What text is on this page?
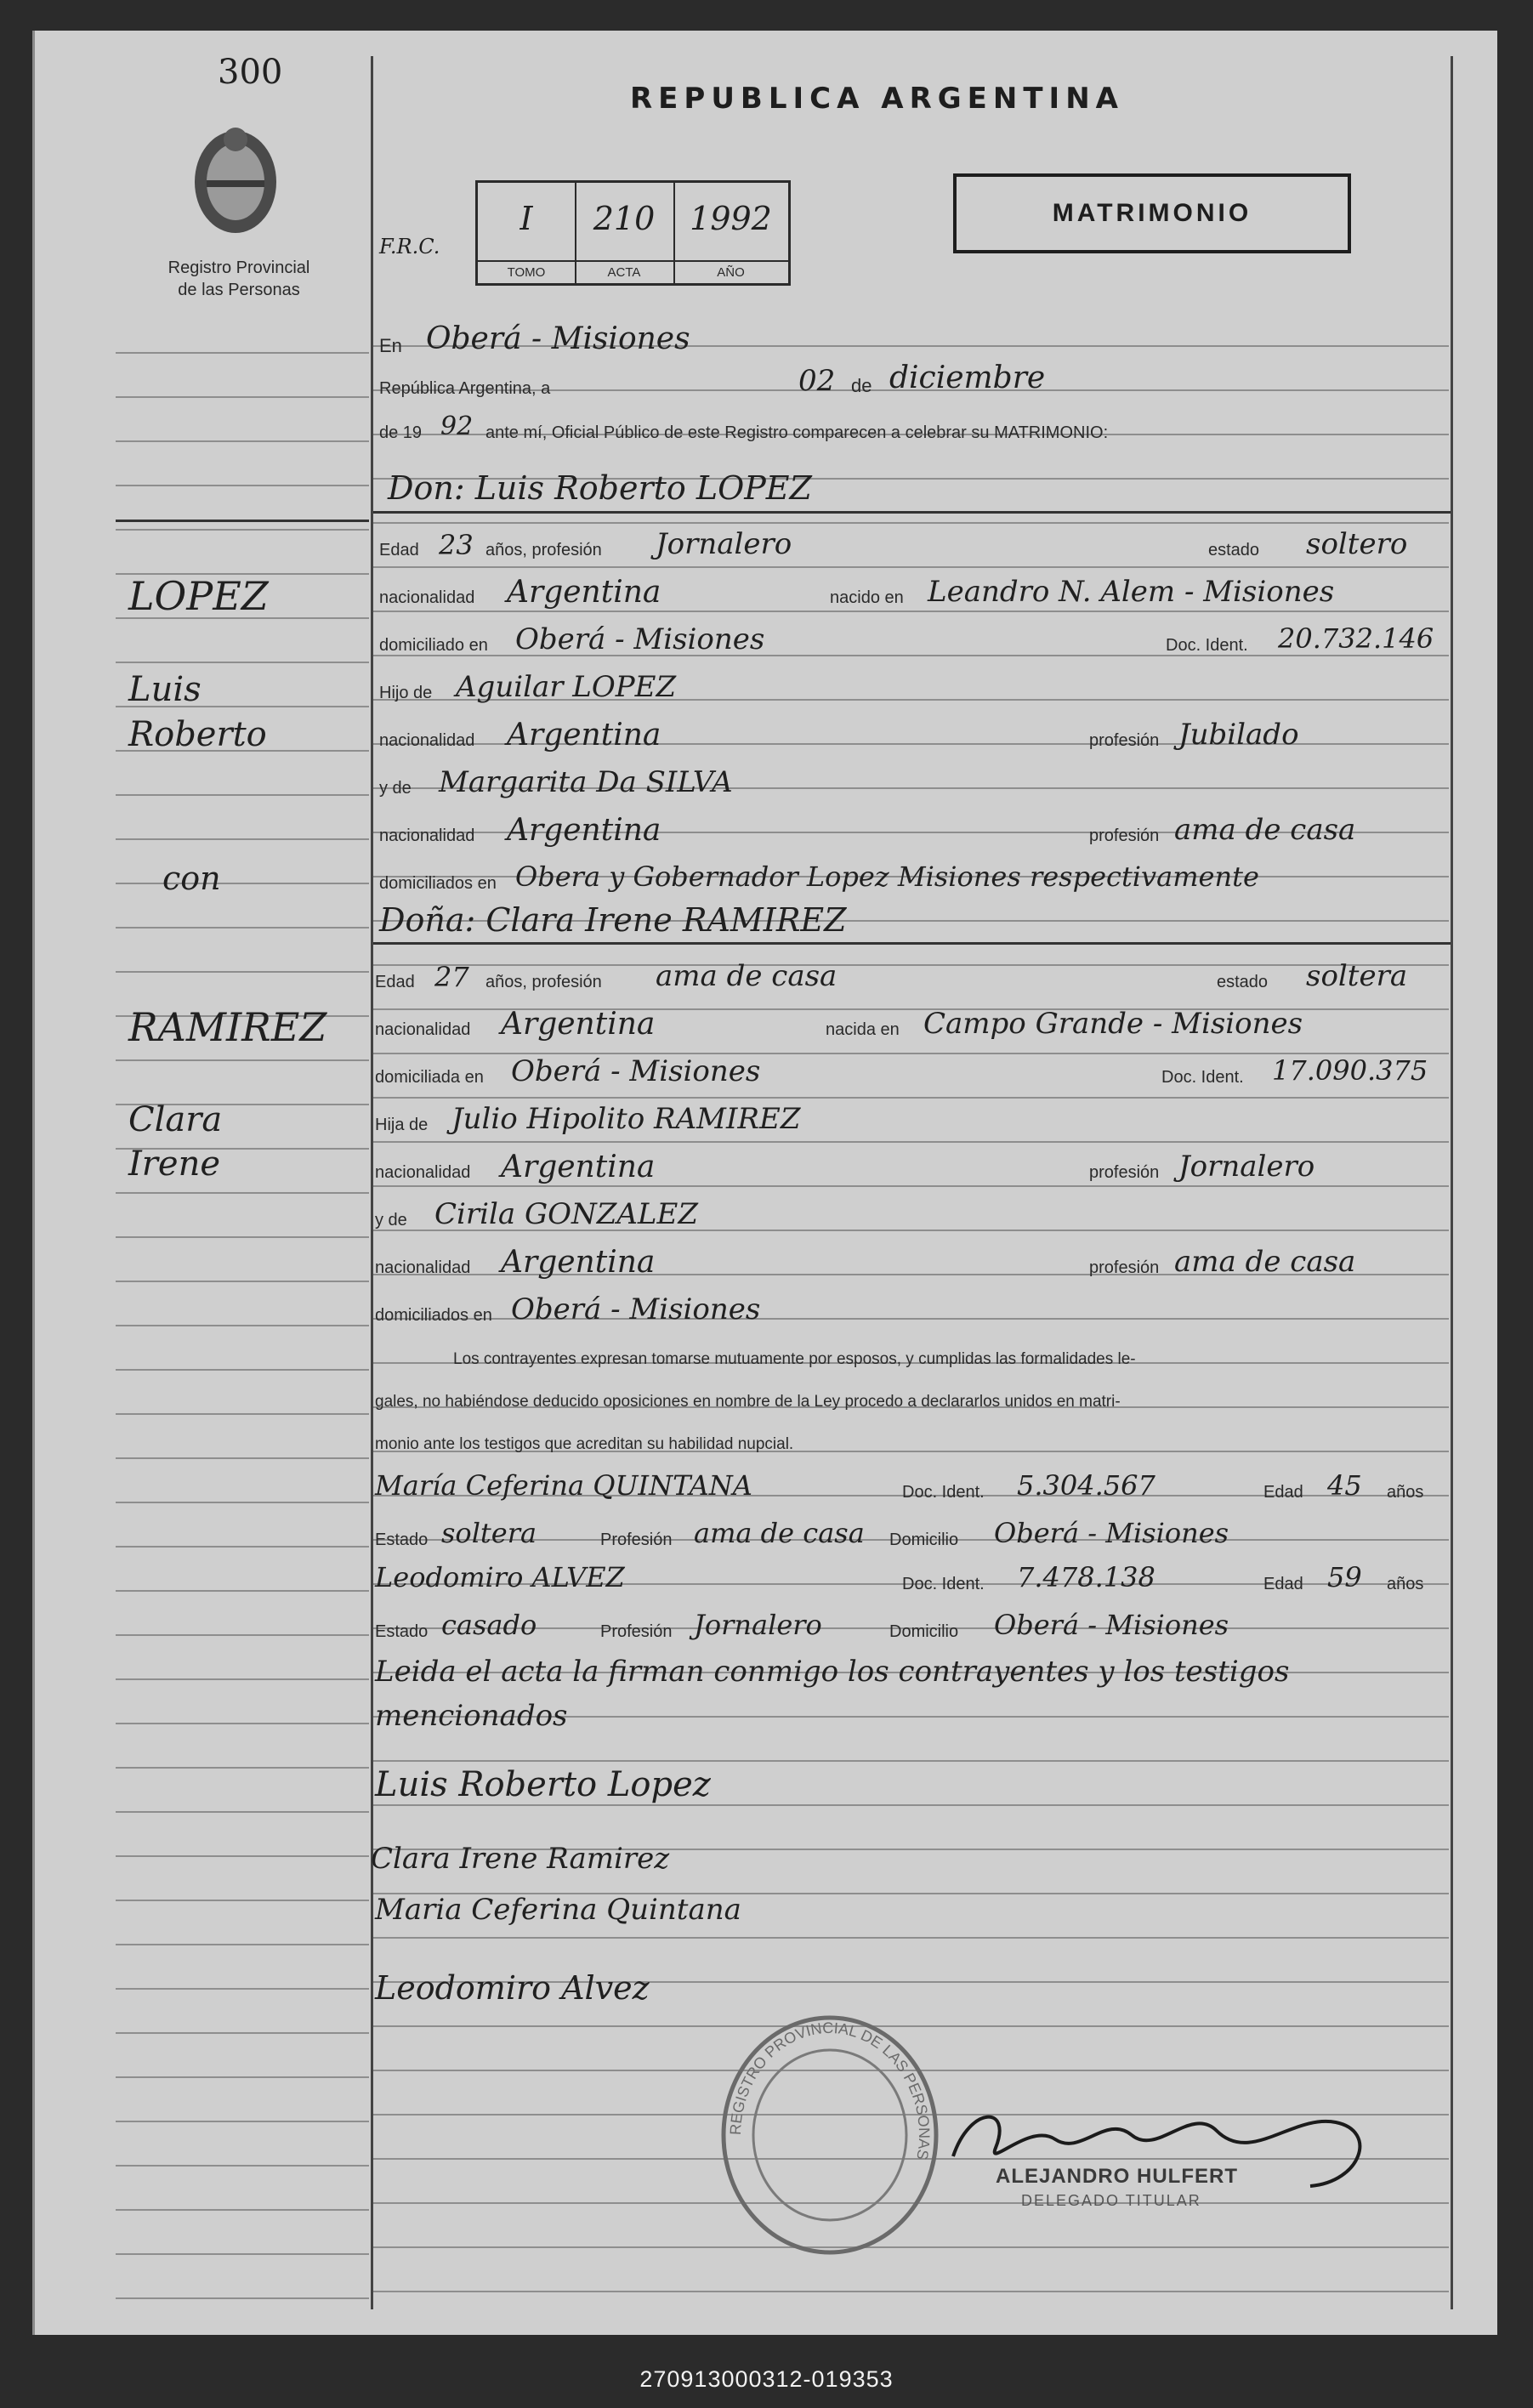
300
Registro Provincial
de las Personas
REPUBLICA ARGENTINA
F.R.C.
I
TOMO
210
ACTA
1992
AÑO
MATRIMONIO
En Oberá - Misiones
República Argentina, a	02 de diciembre
de 19 92 ante mí, Oficial Público de este Registro comparecen a celebrar su MATRIMONIO:
Don: Luis Roberto LOPEZ
LOPEZ
Luis
Roberto
con
RAMIREZ
Clara
Irene
Edad 23 años, profesión Jornalero	estado soltero
nacionalidad Argentina	nacido en Leandro N. Alem - Misiones
domiciliado en Oberá - Misiones	Doc. Ident. 20.732.146
Hijo de Aguilar LOPEZ
nacionalidad Argentina	profesión Jubilado
y de Margarita Da SILVA
nacionalidad Argentina	profesión ama de casa
domiciliados en Obera y Gobernador Lopez Misiones respectivamente
Doña: Clara Irene RAMIREZ
Edad 27 años, profesión ama de casa	estado soltera
nacionalidad Argentina	nacida en Campo Grande - Misiones
domiciliada en Oberá - Misiones	Doc. Ident. 17.090.375
Hija de Julio Hipolito RAMIREZ
nacionalidad Argentina	profesión Jornalero
y de Cirila GONZALEZ
nacionalidad Argentina	profesión ama de casa
domiciliados en Oberá - Misiones
Los contrayentes expresan tomarse mutuamente por esposos, y cumplidas las formalidades le-
gales, no habiéndose deducido oposiciones en nombre de la Ley procedo a declararlos unidos en matri-
monio ante los testigos que acreditan su habilidad nupcial.
María Ceferina QUINTANA	Doc. Ident. 5.304.567	Edad 45 años
Estado soltera	Profesión ama de casa Domicilio Oberá - Misiones
Leodomiro ALVEZ	Doc. Ident. 7.478.138	Edad 59 años
Estado casado	Profesión Jornalero	Domicilio Oberá - Misiones
Leida el acta la firman conmigo los contrayentes y los testigos
mencionados
Luis Roberto Lopez
Clara Irene Ramirez
Maria Ceferina Quintana
Leodomiro Alvez
REGISTRO PROVINCIAL DE LAS PERSONAS
ALEJANDRO HULFERT
DELEGADO TITULAR
270913000312-019353
